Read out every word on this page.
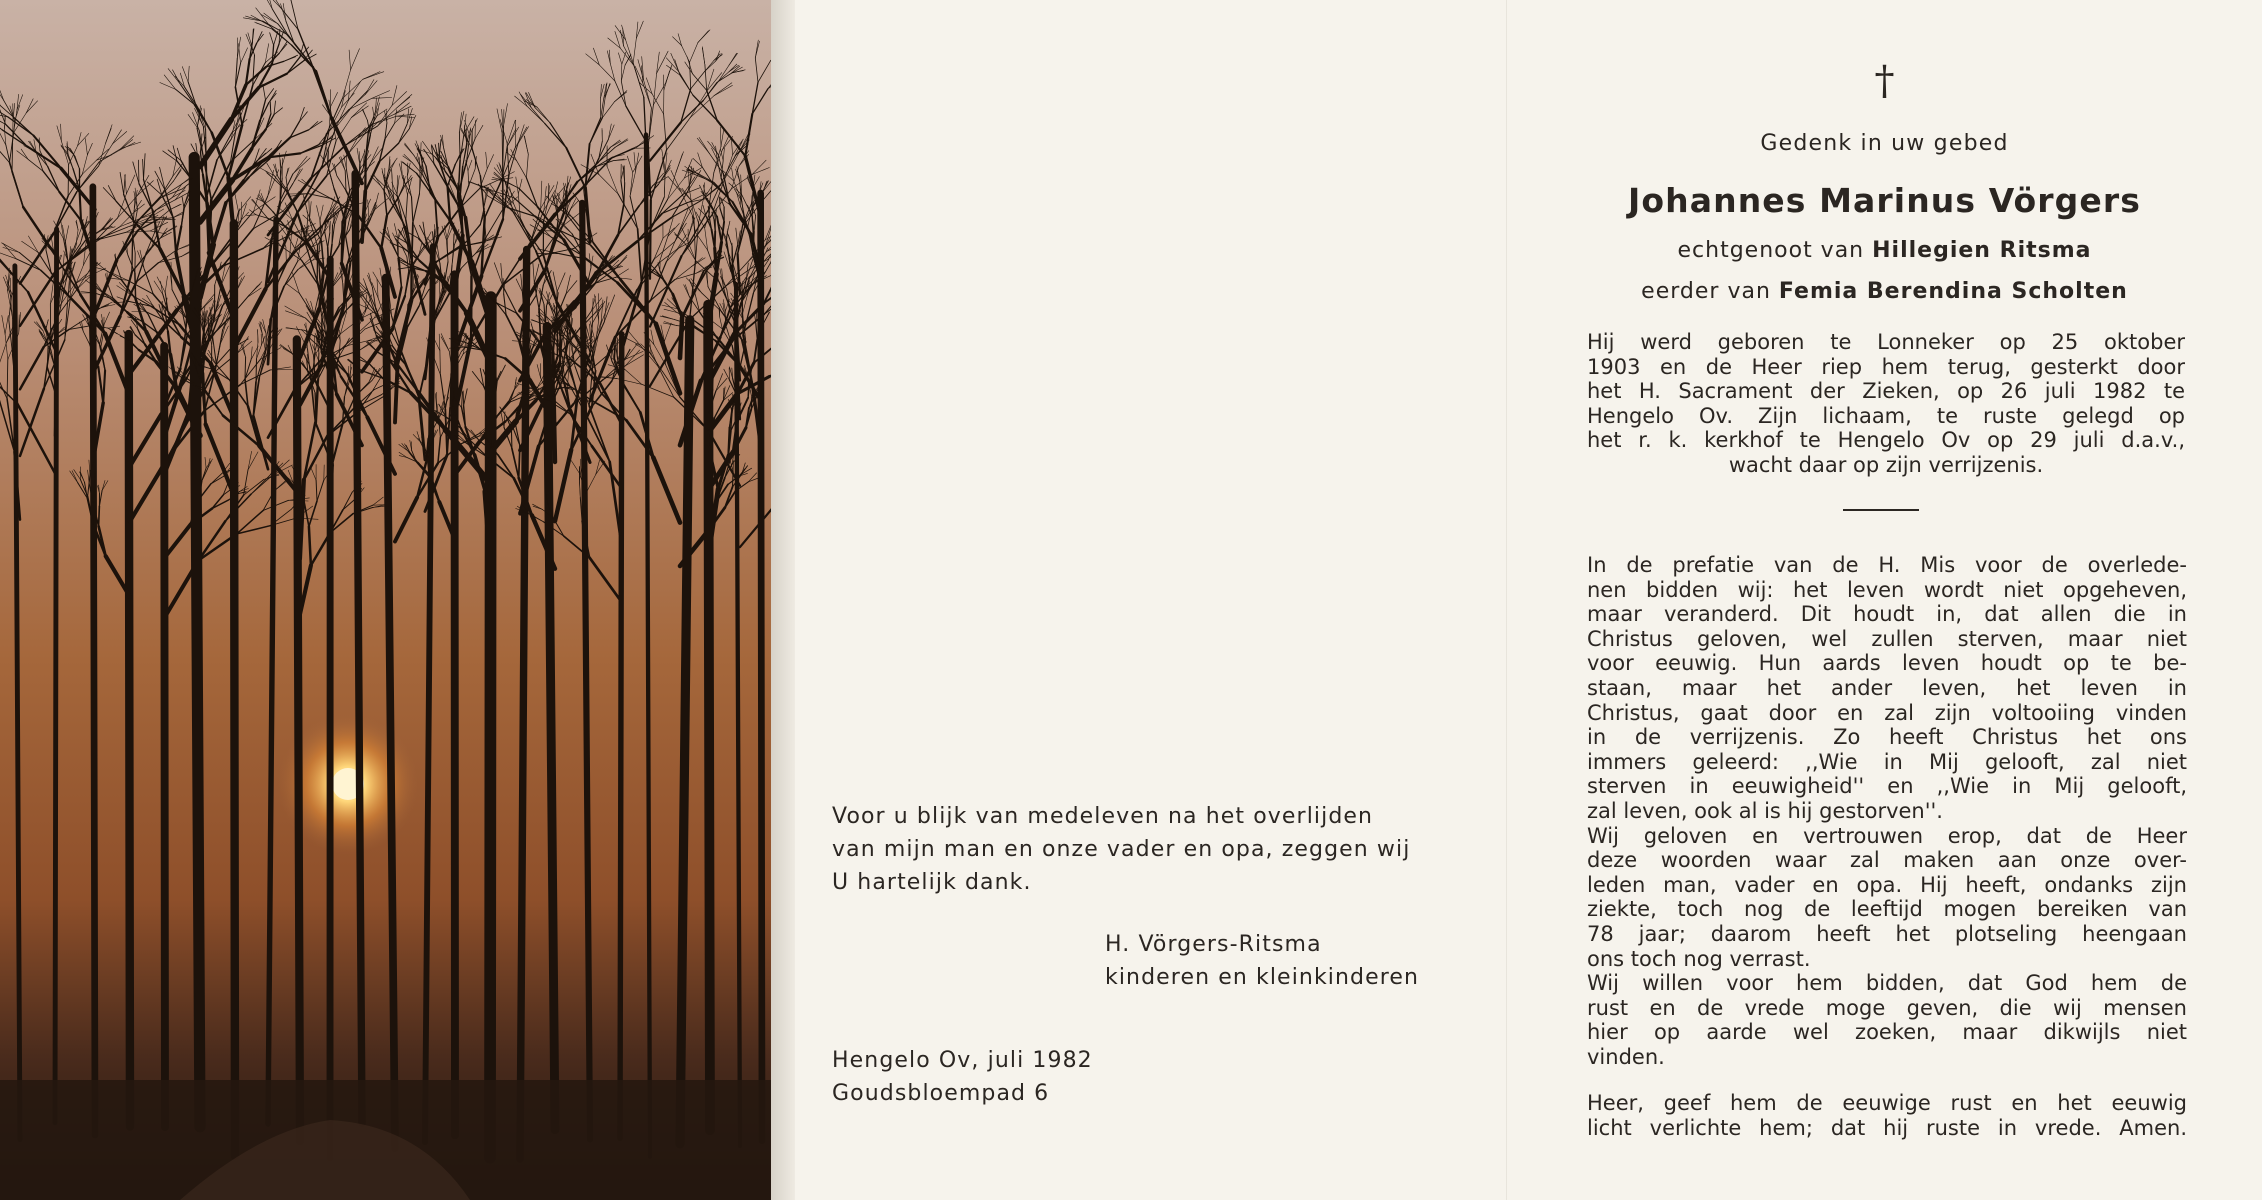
Voor u blijk van medeleven na het overlijden
van mijn man en onze vader en opa, zeggen wij
U hartelijk dank.
H. Vörgers-Ritsma
kinderen en kleinkinderen
Hengelo Ov, juli 1982
Goudsbloempad 6
†
Gedenk in uw gebed
Johannes Marinus Vörgers
echtgenoot van Hillegien Ritsma
eerder van Femia Berendina Scholten
Hij werd geboren te Lonneker op 25 oktober
1903 en de Heer riep hem terug, gesterkt door
het H. Sacrament der Zieken, op 26 juli 1982 te
Hengelo Ov. Zijn lichaam, te ruste gelegd op
het r. k. kerkhof te Hengelo Ov op 29 juli d.a.v.,
wacht daar op zijn verrijzenis.
In de prefatie van de H. Mis voor de overlede-
nen bidden wij: het leven wordt niet opgeheven,
maar veranderd. Dit houdt in, dat allen die in
Christus geloven, wel zullen sterven, maar niet
voor eeuwig. Hun aards leven houdt op te be-
staan, maar het ander leven, het leven in
Christus, gaat door en zal zijn voltooiing vinden
in de verrijzenis. Zo heeft Christus het ons
immers geleerd: ,,Wie in Mij gelooft, zal niet
sterven in eeuwigheid'' en ,,Wie in Mij gelooft,
zal leven, ook al is hij gestorven''.
Wij geloven en vertrouwen erop, dat de Heer
deze woorden waar zal maken aan onze over-
leden man, vader en opa. Hij heeft, ondanks zijn
ziekte, toch nog de leeftijd mogen bereiken van
78 jaar; daarom heeft het plotseling heengaan
ons toch nog verrast.
Wij willen voor hem bidden, dat God hem de
rust en de vrede moge geven, die wij mensen
hier op aarde wel zoeken, maar dikwijls niet
vinden.
Heer, geef hem de eeuwige rust en het eeuwig
licht verlichte hem; dat hij ruste in vrede. Amen.
